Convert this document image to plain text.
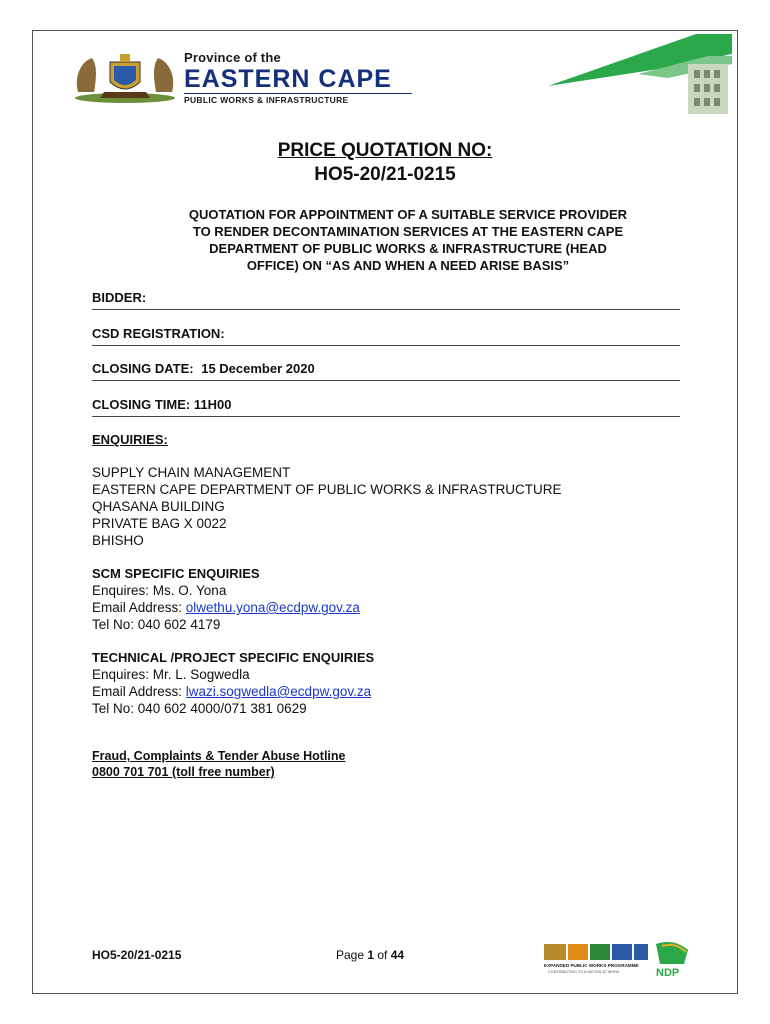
Province of the
EASTERN CAPE
PUBLIC WORKS & INFRASTRUCTURE
PRICE QUOTATION NO:
HO5-20/21-0215
QUOTATION FOR APPOINTMENT OF A SUITABLE SERVICE PROVIDER
TO RENDER DECONTAMINATION SERVICES AT THE EASTERN CAPE
DEPARTMENT OF PUBLIC WORKS & INFRASTRUCTURE (HEAD
OFFICE) ON “AS AND WHEN A NEED ARISE BASIS”
BIDDER:
CSD REGISTRATION:
CLOSING DATE: 15 December 2020
CLOSING TIME: 11H00
ENQUIRIES:
SUPPLY CHAIN MANAGEMENT
EASTERN CAPE DEPARTMENT OF PUBLIC WORKS & INFRASTRUCTURE
QHASANA BUILDING
PRIVATE BAG X 0022
BHISHO
SCM SPECIFIC ENQUIRIES
Enquires: Ms. O. Yona
Email Address: olwethu.yona@ecdpw.gov.za
Tel No: 040 602 4179
TECHNICAL /PROJECT SPECIFIC ENQUIRIES
Enquires: Mr. L. Sogwedla
Email Address: lwazi.sogwedla@ecdpw.gov.za
Tel No: 040 602 4000/071 381 0629
Fraud, Complaints & Tender Abuse Hotline
0800 701 701 (toll free number)
HO5-20/21-0215	Page 1 of 44
EXPANDED PUBLIC WORKS PROGRAMME
CONTRIBUTING TO A NATION AT WORK	NDP
